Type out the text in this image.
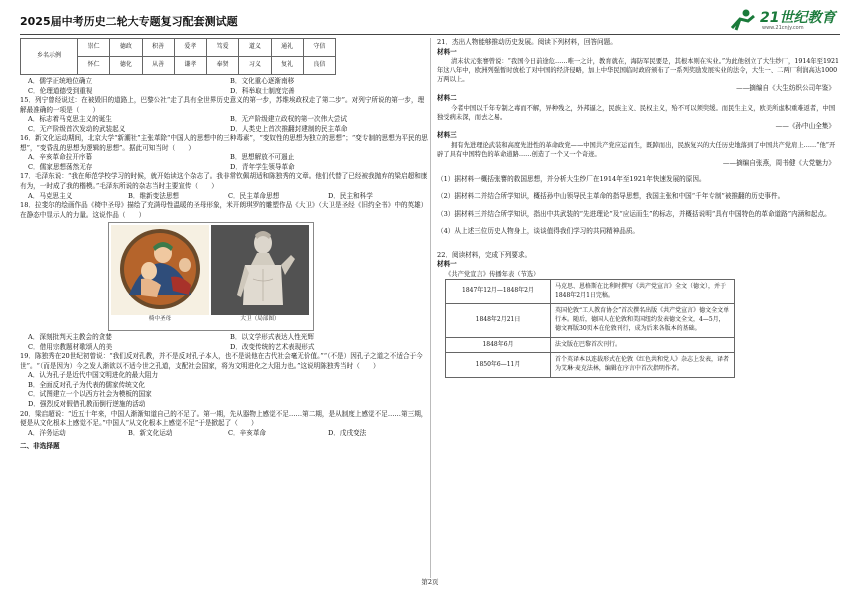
2025届中考历史二轮大专题复习配套测试题	21世纪教育
www.21cnjy.com
乡名示例	崇仁	德政	积善	爱孝	笃爱	道义	通礼	守信
	怀仁	德化	从善	谦孝	奉贤	习义	复礼	良信
A．儒学正统地位确立	B．文化重心逐渐南移
C．伦理道德受到重视	D．科举取士制度完善

15．列宁曾经说过：在被毁旧的道路上，巴黎公社“走了具有全世界历史意义的第一步，苏维埃政权走了第二步”。对列宁所说的第一步，理解最准确的一项是（　　）

A．标志着马克思主义的诞生	B．无产阶级建立政权的第一次伟大尝试
C．无产阶级首次发动的武装起义	D．人类史上首次推翻封建制的民主革命

16．新文化运动期间，北京大学“新潮社”主张革除“中国人的思想中的三种毒素”，“变奴性的思想为独立的思想”；“变专制的思想为平民的思想”，“变昏乱的思想为逻辑的思想”。据此可知当时（　　）

A．辛亥革命拉开序幕	B．思想解放不可遏止
C．儒家思想荡然无存	D．青年学生领导革命

17．毛泽东说：“我在师范学校学习的时候，就开始读这个杂志了。我非常钦佩胡适和陈独秀的文章。他们代替了已经被我抛弃的梁启超和康有为，一时成了我的楷模。”毛泽东所说的杂志当时主要宣传（　　）

A．马克思主义	B．维新变法思想	C．民主革命思想	D．民主和科学

18．拉斐尔的绘画作品《椅中圣母》描绘了充满母性温暖的圣母形象，米开朗琪罗的雕塑作品《大卫》（大卫是圣经《旧约全书》中的英雄）在静态中显示人的力量。这说作品（　　）

椅中圣母	大卫（局部图）
A．深刻批判天主教会的贪婪	B．以文学形式表达人性光辉
C．借用宗教题材歌颂人的美	D．改变传统的艺术表现形式

19．陈独秀在20世纪初曾说：“我们反对孔教，并不是反对孔子本人，也不是说他在古代社会毫无价值。”“（不是）因孔子之道之不适合于今世”。“（而是因为）今之发人渐欲以不适今世之孔道，支配社会国家，将为文明进化之大阻力也。”这说明陈独秀当时（　　）

A．认为孔子是近代中国文明进化的最大阻力
B．全面反对孔子为代表的儒家传统文化
C．试图建立一个以西方社会为模板的国家
D．强烈反对假借孔教而倒行逆施的活动

20．梁启超说：“近五十年来，中国人渐渐知道自己的不足了。第一期，先从器物上感觉不足……第二期，是从制度上感觉不足……第三期，便是从文化根本上感觉不足。”中国人“从文化根本上感觉不足”于是掀起了（　　）

A．洋务运动	B．新文化运动	C．辛亥革命	D．戊戌变法
二、非选择题

21．杰出人物能够推动历史发展。阅读下列材料，回答问题。

材料一

清末状元张謇曾说：“我国今日前途危……唯一之计，教育就在，海防军民要是，其根本则在实业。”为此他创立了大生纱厂，1914年至1921年这八年中，欧洲列强暂时放松了对中国的经济侵略，加上中华民国临时政府颁布了一系列奖励发展实业的法令，大生一、二两厂利润高达1000万两以上。

——摘编自《大生纺织公司年鉴》
材料二

今者中国以千年专制之毒而不解，异种残之，外邦逼之，民族主义、民权主义，殆不可以须臾缓。而民生主义，欧美所虑积重难返者，中国独受病未深，而去之易。

——《孙中山全集》
材料三

拥有先进理论武装和高度先进性的革命政党——中国共产党应运而生，既踔而出，民族复兴的大任历史地落到了中国共产党肩上……“他”开辟了具有中国特色的革命道路……创造了一个又一个奇迹。

——摘编自张燕，周书健《大党魅力》

（1）据材料一概括张謇的救国思想，并分析大生纱厂在1914年至1921年快速发展的原因。

（2）据材料二并结合所学知识，概括孙中山领导民主革命的指导思想，我国主张和中国“千年专制”被推翻的历史事件。

（3）据材料三并结合所学知识，指出中共武装的“先进理论”及“应运而生”的标志，并概括说明“具有中国特色的革命道路”内涵和起点。

（4）从上述三位历史人物身上，谈谈值得我们学习的共同精神品质。

22．阅读材料，完成下列要求。

材料一
《共产党宣言》传播年表（节选）
1847年12月—1848年2月	马克思、恩格斯在比利时撰写《共产党宣言》全文（德文），并于1848年2月1日完稿。
1848年2月21日	英国伦敦“工人教育协会”首次撰名出版《共产党宣言》德文全文单行本。随后，德国人在伦敦和美国纽约发表德文全文，4—5月，德文再版30页本在伦敦刊行，成为后来各版本的基础。
1848年6月	法文版在巴黎首次刊行。
1850年6—11月	首个英译本以连载形式在伦敦《红色共和党人》杂志上发表，译者为艾琳·麦克法林，编辑在序言中首次指明作者。
第2页
